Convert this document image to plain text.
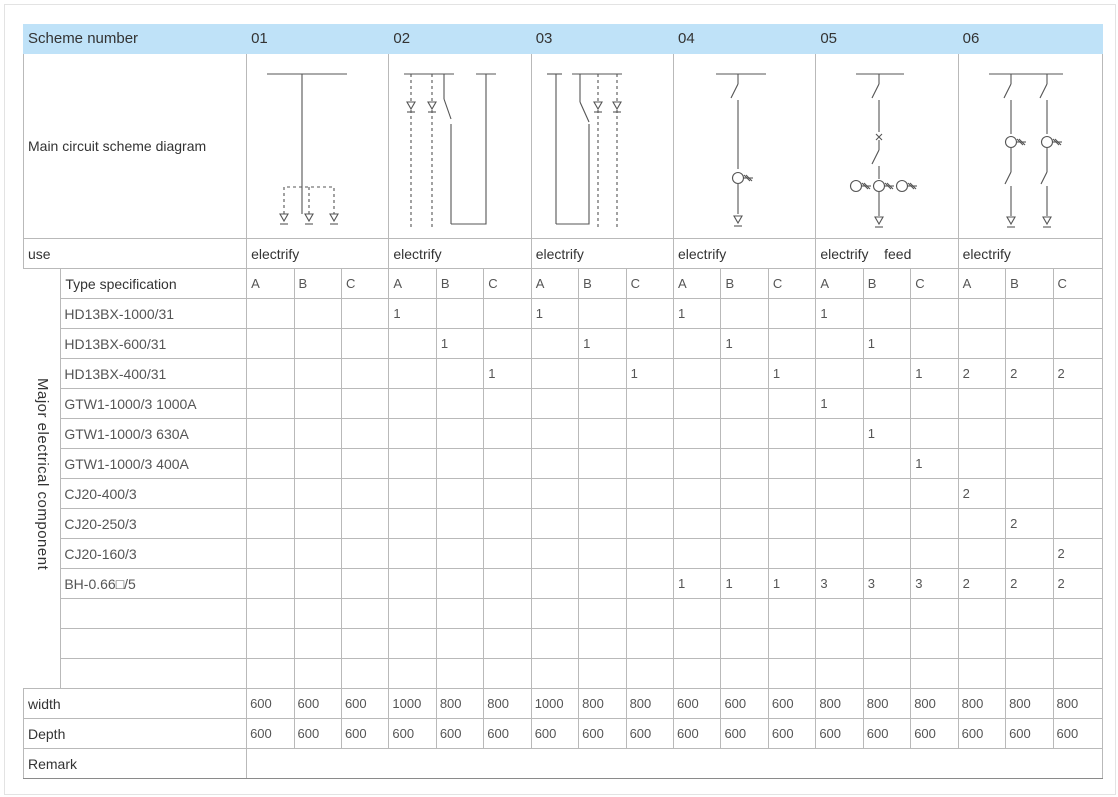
Scheme number		01			02			03			04			05			06		
Main circuit scheme diagram	

use		electrify			electrify			electrify			electrify			electrify    feed			electrify		
Major electrical component	Type specification	A	B	C	A	B	C	A	B	C	A	B	C	A	B	C	A	B	C
	HD13BX-1000/31				1			1			1			1					
	HD13BX-600/31					1			1			1			1				
	HD13BX-400/31						1			1			1			1	2	2	2
	GTW1-1000/3 1000A													1					
	GTW1-1000/3 630A														1				
	GTW1-1000/3 400A															1			
	CJ20-400/3																2		
	CJ20-250/3																	2	
	CJ20-160/3																		2
	BH-0.66□/5										1	1	1	3	3	3	2	2	2

width		600	600	600	1000	800	800	1000	800	800	600	600	600	800	800	800	800	800	800
Depth		600	600	600	600	600	600	600	600	600	600	600	600	600	600	600	600	600	600
Remark																			
